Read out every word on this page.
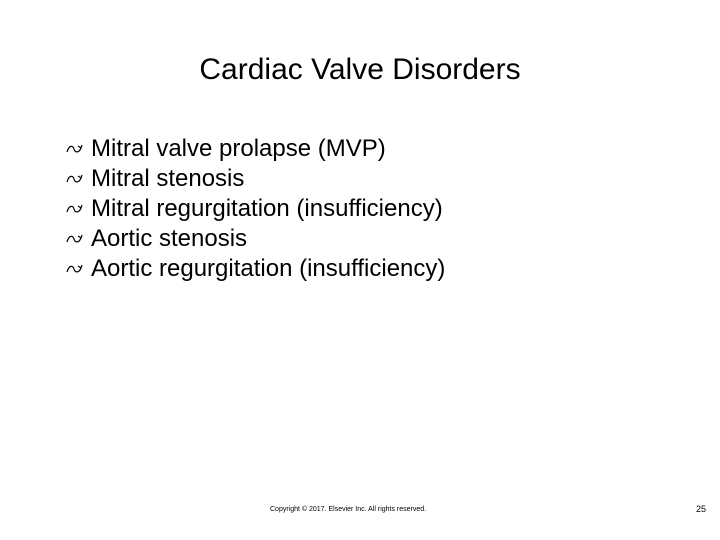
Cardiac Valve Disorders
Mitral valve prolapse (MVP)
Mitral stenosis
Mitral regurgitation (insufficiency)
Aortic stenosis
Aortic regurgitation (insufficiency)
Copyright © 2017. Elsevier Inc. All rights reserved.	25
